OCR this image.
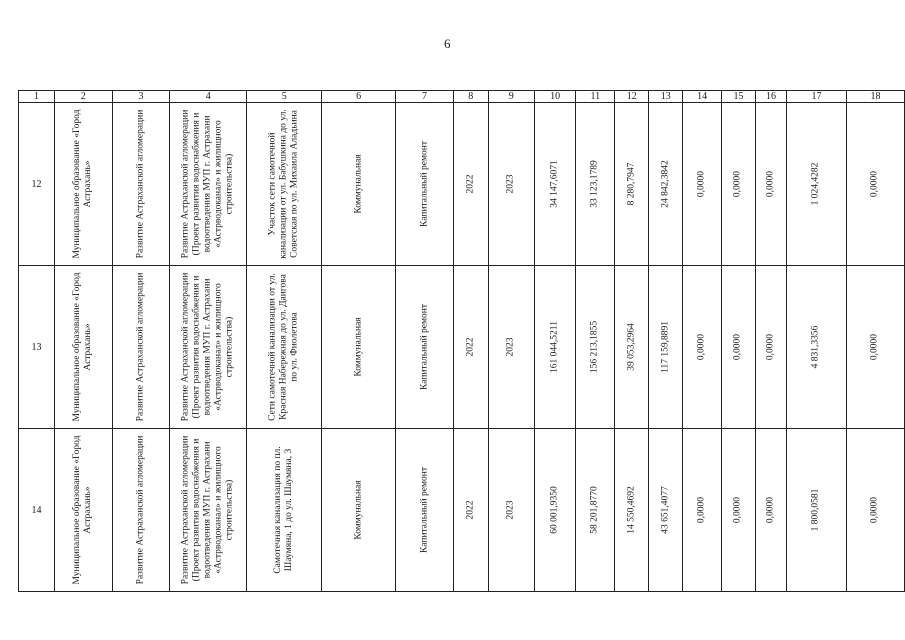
6
1	2	3	4	5	6	7	8	9	10	11	12	13	14	15	16	17	18
12	Муниципальное образование «Город Астрахань»	Развитие Астраханской агломерации	Развитие Астраханской агломерации (Проект развития водоснабжения и водоотведения МУП г. Астрахани «Астрводоканал» и жилищного строительства)	Участок сети самотечной канализации от ул. Бабушкина до ул. Советская по ул. Михаила Аладьина	Коммунальная	Капитальный ремонт	2022	2023	34 147,6071	33 123,1789	8 280,7947	24 842,3842	0,0000	0,0000	0,0000	1 024,4282	0,0000

13	Муниципальное образование «Город Астрахань»	Развитие Астраханской агломерации	Развитие Астраханской агломерации (Проект развития водоснабжения и водоотведения МУП г. Астрахани «Астрводоканал» и жилищного строительства)	Сети самотечной канализации от ул. Красная Набережная до ул. Даигова по ул. Фиолетова	Коммунальная	Капитальный ремонт	2022	2023	161 044,5211	156 213,1855	39 053,2964	117 159,8891	0,0000	0,0000	0,0000	4 831,3356	0,0000

14	Муниципальное образование «Город Астрахань»	Развитие Астраханской агломерации	Развитие Астраханской агломерации (Проект развития водоснабжения и водоотведения МУП г. Астрахани «Астрводоканал» и жилищного строительства)	Самотечная канализация по пл. Шаумяна, 1 до ул. Шаумяна, 3	Коммунальная	Капитальный ремонт	2022	2023	60 001,9350	58 201,8770	14 550,4692	43 651,4077	0,0000	0,0000	0,0000	1 800,0581	0,0000
